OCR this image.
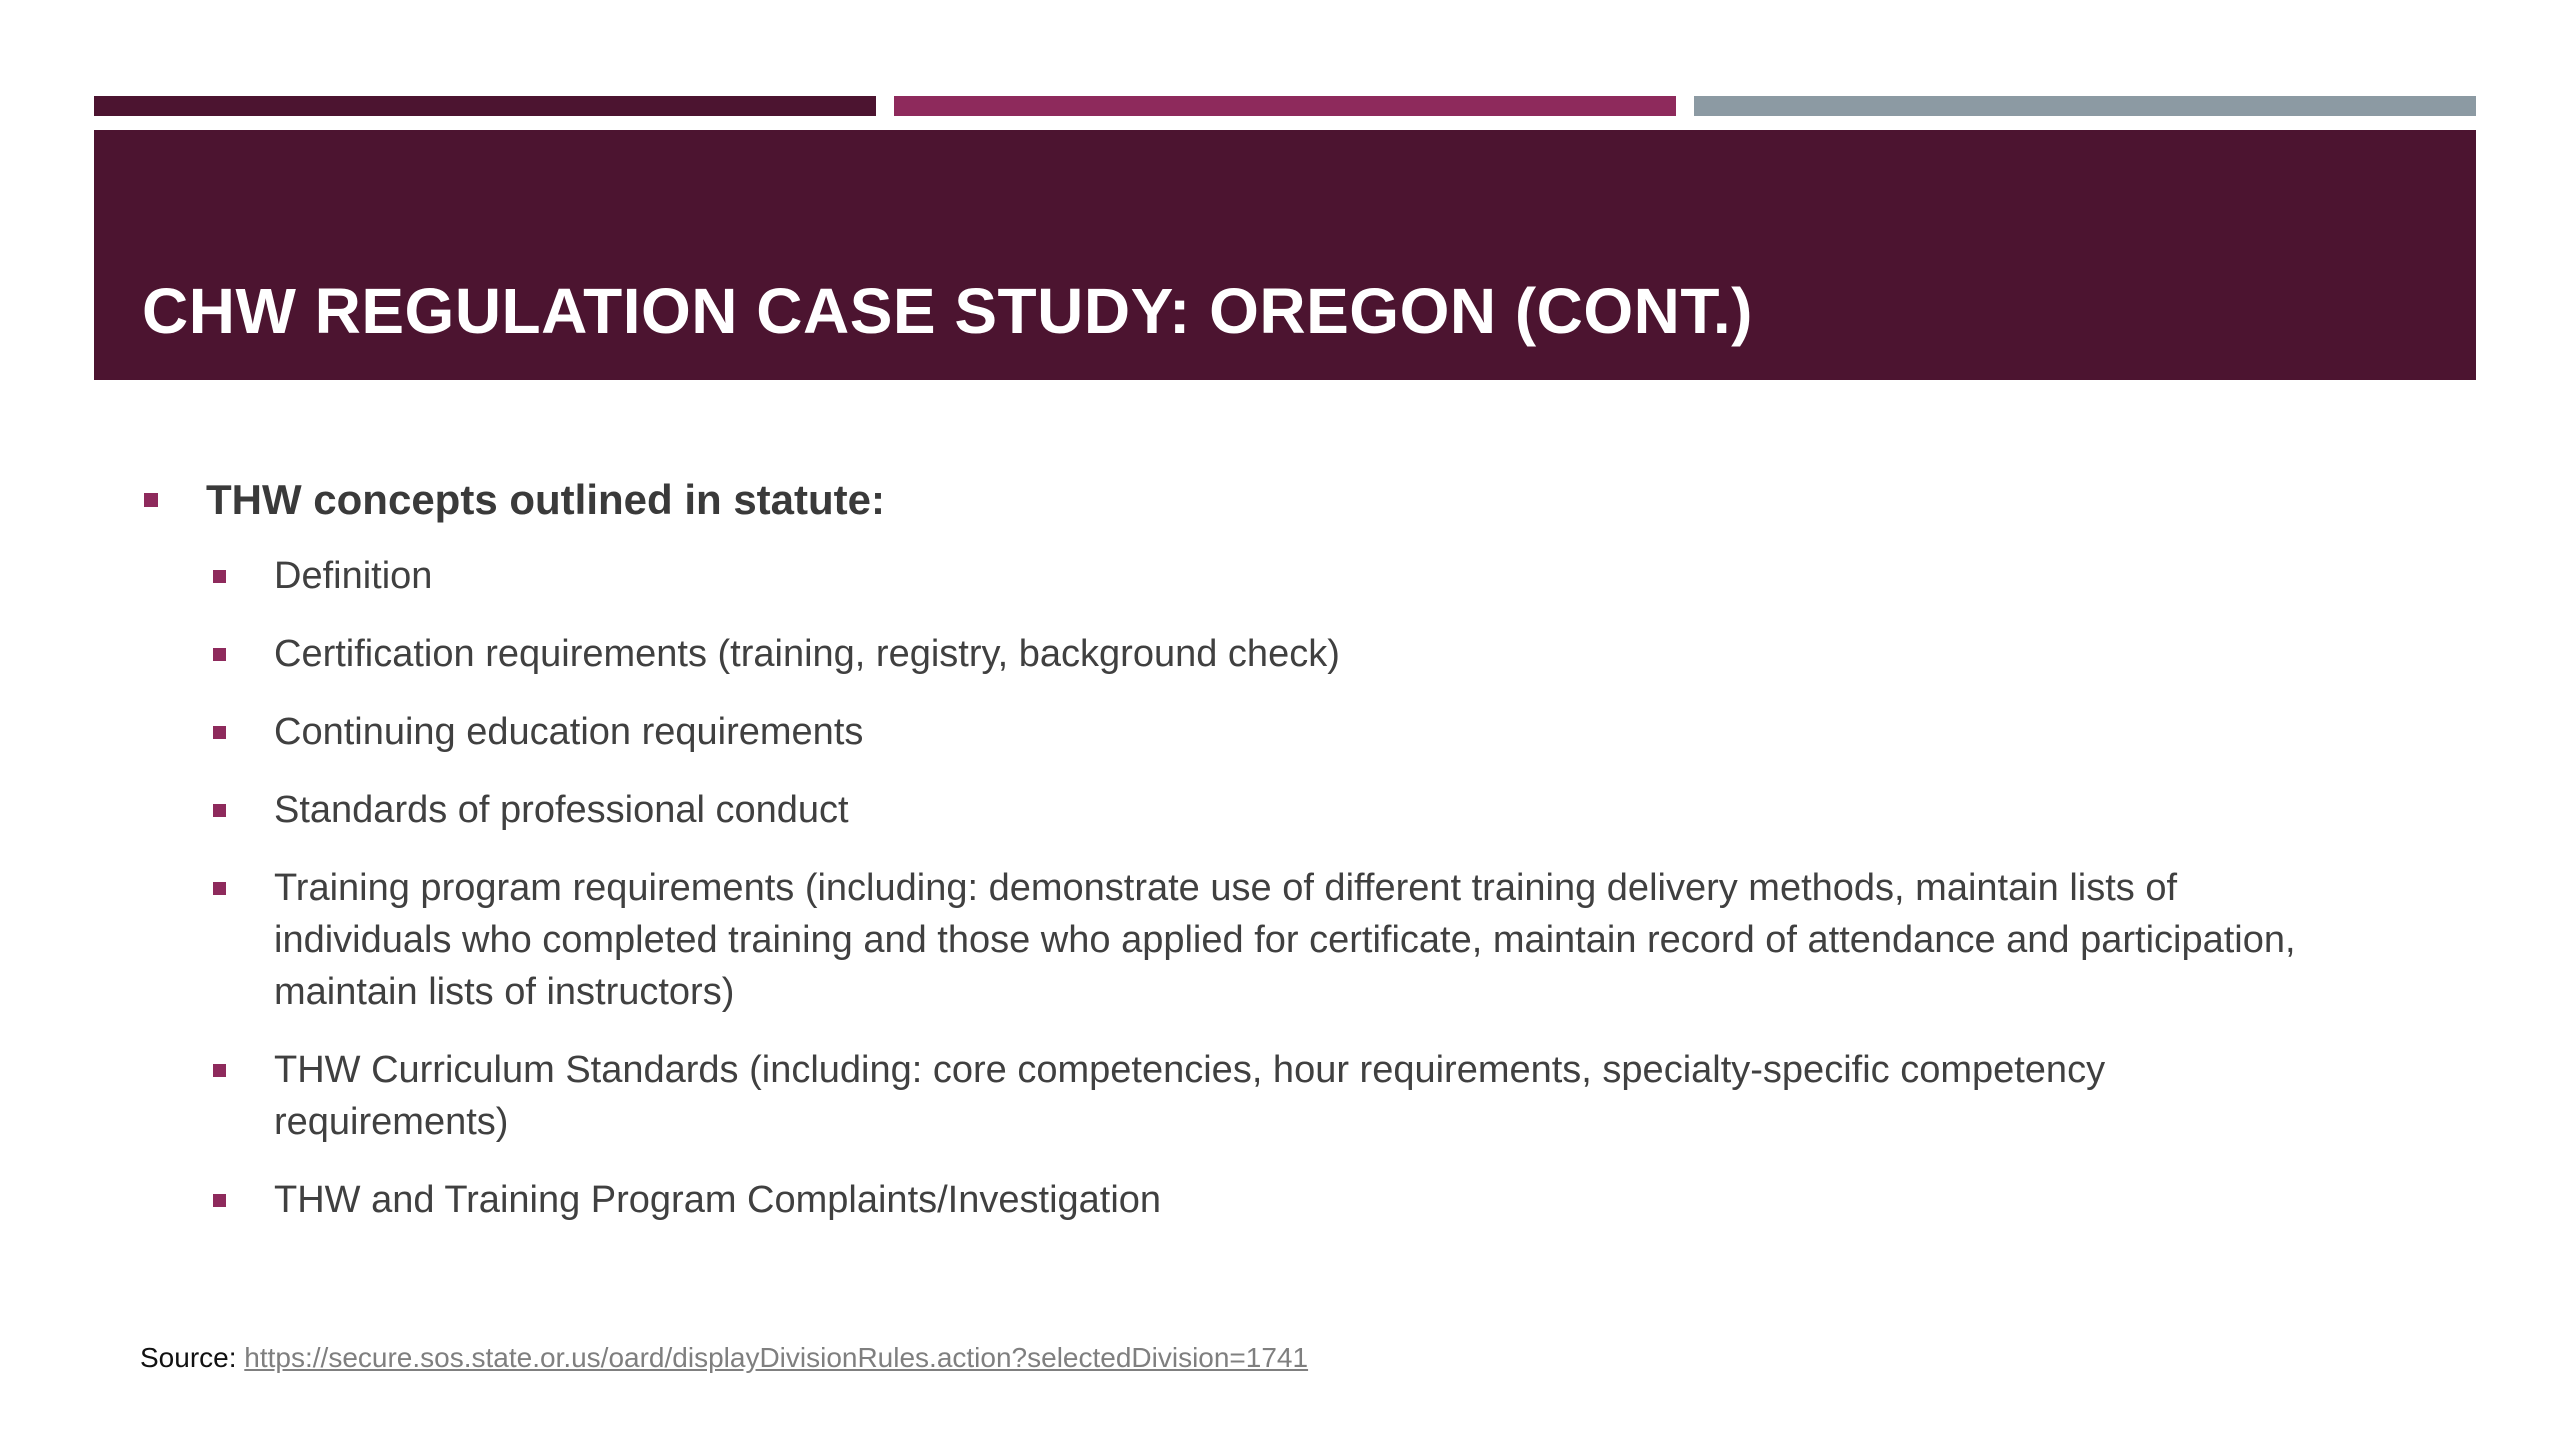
CHW REGULATION CASE STUDY: OREGON (CONT.)
THW concepts outlined in statute:
Definition
Certification requirements (training, registry, background check)
Continuing education requirements
Standards of professional conduct
Training program requirements (including: demonstrate use of different training delivery methods, maintain lists of individuals who completed training and those who applied for certificate, maintain record of attendance and participation, maintain lists of instructors)
THW Curriculum Standards (including: core competencies, hour requirements, specialty-specific competency requirements)
THW and Training Program Complaints/Investigation
Source: https://secure.sos.state.or.us/oard/displayDivisionRules.action?selectedDivision=1741
